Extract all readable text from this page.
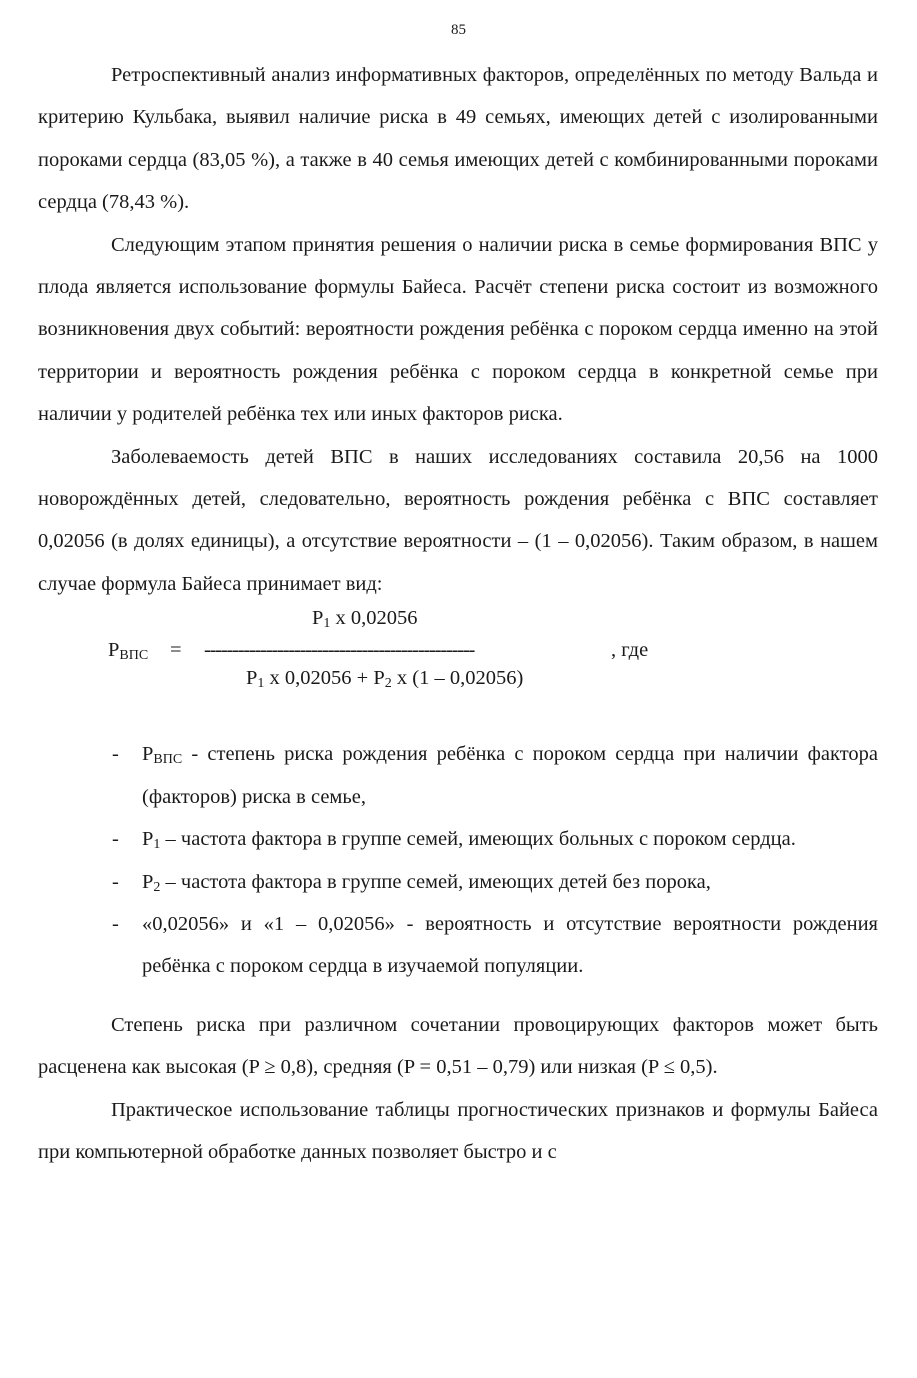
85

Ретроспективный анализ информативных факторов, определённых по методу Вальда и критерию Кульбака, выявил наличие риска в 49 семьях, имеющих детей с изолированными пороками сердца (83,05 %), а также в 40 семья имеющих детей с комбинированными пороками сердца (78,43 %).

Следующим этапом принятия решения о наличии риска в семье формирования ВПС у плода является использование формулы Байеса. Расчёт степени риска состоит из возможного возникновения двух событий: вероятности рождения ребёнка с пороком сердца именно на этой территории и вероятность рождения ребёнка с пороком сердца в конкретной семье при наличии у родителей ребёнка тех или иных факторов риска.

Заболеваемость детей ВПС в наших исследованиях составила 20,56 на 1000 новорождённых детей, следовательно, вероятность рождения ребёнка с ВПС составляет 0,02056 (в долях единицы), а отсутствие вероятности – (1 – 0,02056). Таким образом, в нашем случае формула Байеса принимает вид:

$P_1$ x 0,02056
$P_{ВПС}$ = ------------------------------------------------	, где
$P_1$ x $0,02056 + P_2$ x (1 – 0,02056)
- $P_{ВПС}$ - степень риска рождения ребёнка с пороком сердца при наличии фактора (факторов) риска в семье,
- $P_1$ – частота фактора в группе семей, имеющих больных с пороком сердца.
- $P_2$ – частота фактора в группе семей, имеющих детей без порока,
- «0,02056» и «1 – 0,02056» - вероятность и отсутствие вероятности рождения ребёнка с пороком сердца в изучаемой популяции.

Степень риска при различном сочетании провоцирующих факторов может быть расценена как высокая (P ≥ 0,8), средняя (P = 0,51 – 0,79) или низкая (P ≤ 0,5).

Практическое использование таблицы прогностических признаков и формулы Байеса при компьютерной обработке данных позволяет быстро и с
